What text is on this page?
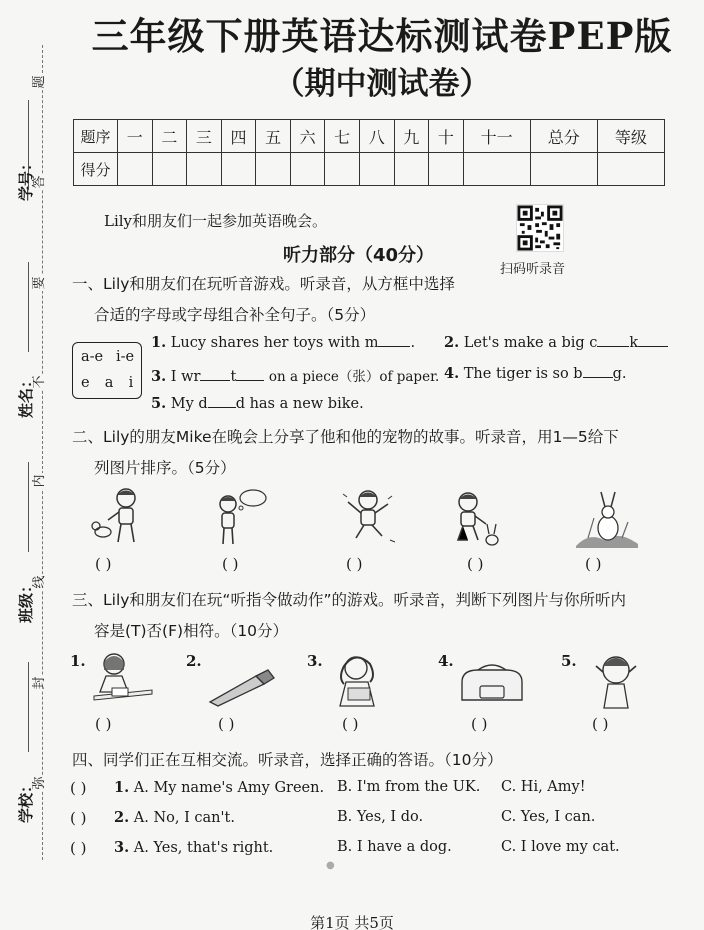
题
答
要
不
内
线
封
弥
学号：
姓名：
班级：
学校：
三年级下册英语达标测试卷PEP版
（期中测试卷）
题序	一	二	三	四	五	六	七	八	九	十	十一	总分	等级
得分													
Lily和朋友们一起参加英语晚会。
扫码听录音
听力部分（40分）
一、Lily和朋友们在玩听音游戏。听录音，从方框中选择
合适的字母或字母组合补全句子。（5分）
a-e i-e
e  a  i
1. Lucy shares her toys with m . 2. Let's make a big c k
3. I wr t on a piece（张）of paper. 4. The tiger is so b g.
5. My d d has a new bike.
二、Lily的朋友Mike在晚会上分享了他和他的宠物的故事。听录音，用1—5给下
列图片排序。（5分）
( )	( )	( )	( )	( )
三、Lily和朋友们在玩“听指令做动作”的游戏。听录音，判断下列图片与你所听内
容是(T)否(F)相符。（10分）
1.	2.	3.	4.	5.
( )	( )	( )	( )	( )
四、同学们正在互相交流。听录音，选择正确的答语。（10分）
( ) 1. A. My name's Amy Green. B. I'm from the UK. C. Hi, Amy!
( ) 2. A. No, I can't.	B. Yes, I do.	C. Yes, I can.
( ) 3. A. Yes, that's right.	B. I have a dog.	C. I love my cat.
●
第1页 共5页
